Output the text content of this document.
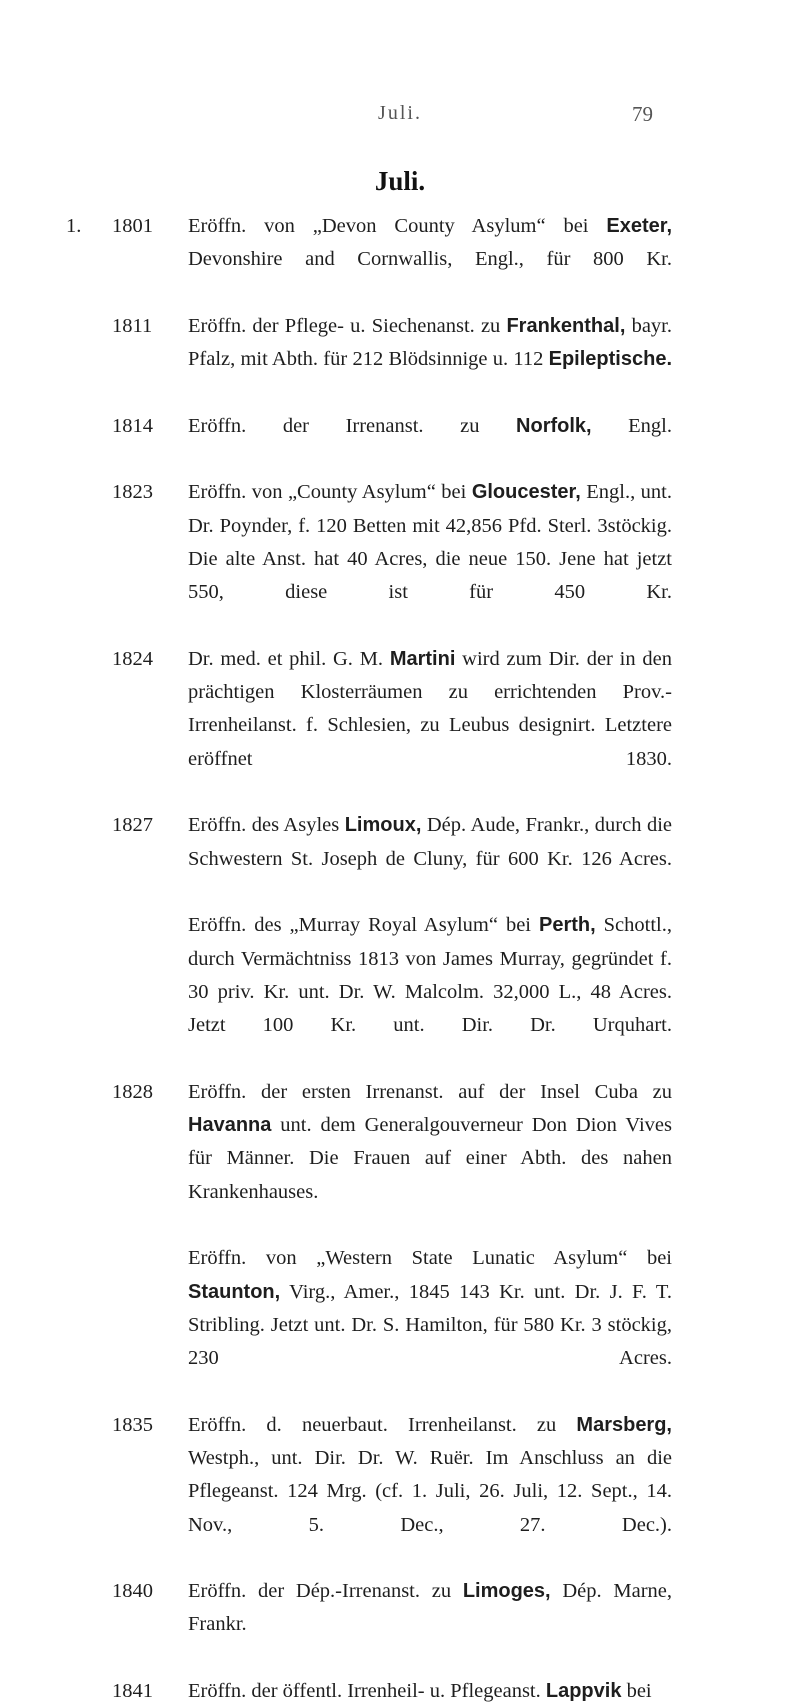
Juli.	79
Juli.
1. 1801	Eröffn. von „Devon County Asylum“ bei Exeter, Devonshire and Cornwallis, Engl., für 800 Kr.
1811	Eröffn. der Pflege- u. Siechenanst. zu Frankenthal, bayr. Pfalz, mit Abth. für 212 Blödsinnige u. 112 Epileptische.
1814	Eröffn. der Irrenanst. zu Norfolk, Engl.
1823	Eröffn. von „County Asylum“ bei Gloucester, Engl., unt. Dr. Poynder, f. 120 Betten mit 42,856 Pfd. Sterl. 3stöckig. Die alte Anst. hat 40 Acres, die neue 150. Jene hat jetzt 550, diese ist für 450 Kr.
1824	Dr. med. et phil. G. M. Martini wird zum Dir. der in den prächtigen Klosterräumen zu errichtenden Prov.-Irrenheilanst. f. Schlesien, zu Leubus designirt. Letztere eröffnet 1830.
1827	Eröffn. des Asyles Limoux, Dép. Aude, Frankr., durch die Schwestern St. Joseph de Cluny, für 600 Kr. 126 Acres.
Eröffn. des „Murray Royal Asylum“ bei Perth, Schottl., durch Vermächtniss 1813 von James Murray, gegründet f. 30 priv. Kr. unt. Dr. W. Malcolm. 32,000 L., 48 Acres. Jetzt 100 Kr. unt. Dir. Dr. Urquhart.
1828	Eröffn. der ersten Irrenanst. auf der Insel Cuba zu Havanna unt. dem Generalgouverneur Don Dion Vives für Männer. Die Frauen auf einer Abth. des nahen Krankenhauses.
Eröffn. von „Western State Lunatic Asylum“ bei Staunton, Virg., Amer., 1845 143 Kr. unt. Dr. J. F. T. Stribling. Jetzt unt. Dr. S. Hamilton, für 580 Kr. 3 stöckig, 230 Acres.
1835	Eröffn. d. neuerbaut. Irrenheilanst. zu Marsberg, Westph., unt. Dir. Dr. W. Ruër. Im Anschluss an die Pflegeanst. 124 Mrg. (cf. 1. Juli, 26. Juli, 12. Sept., 14. Nov., 5. Dec., 27. Dec.).
1840	Eröffn. der Dép.-Irrenanst. zu Limoges, Dép. Marne, Frankr.
1841	Eröffn. der öffentl. Irrenheil- u. Pflegeanst. Lappvik bei
